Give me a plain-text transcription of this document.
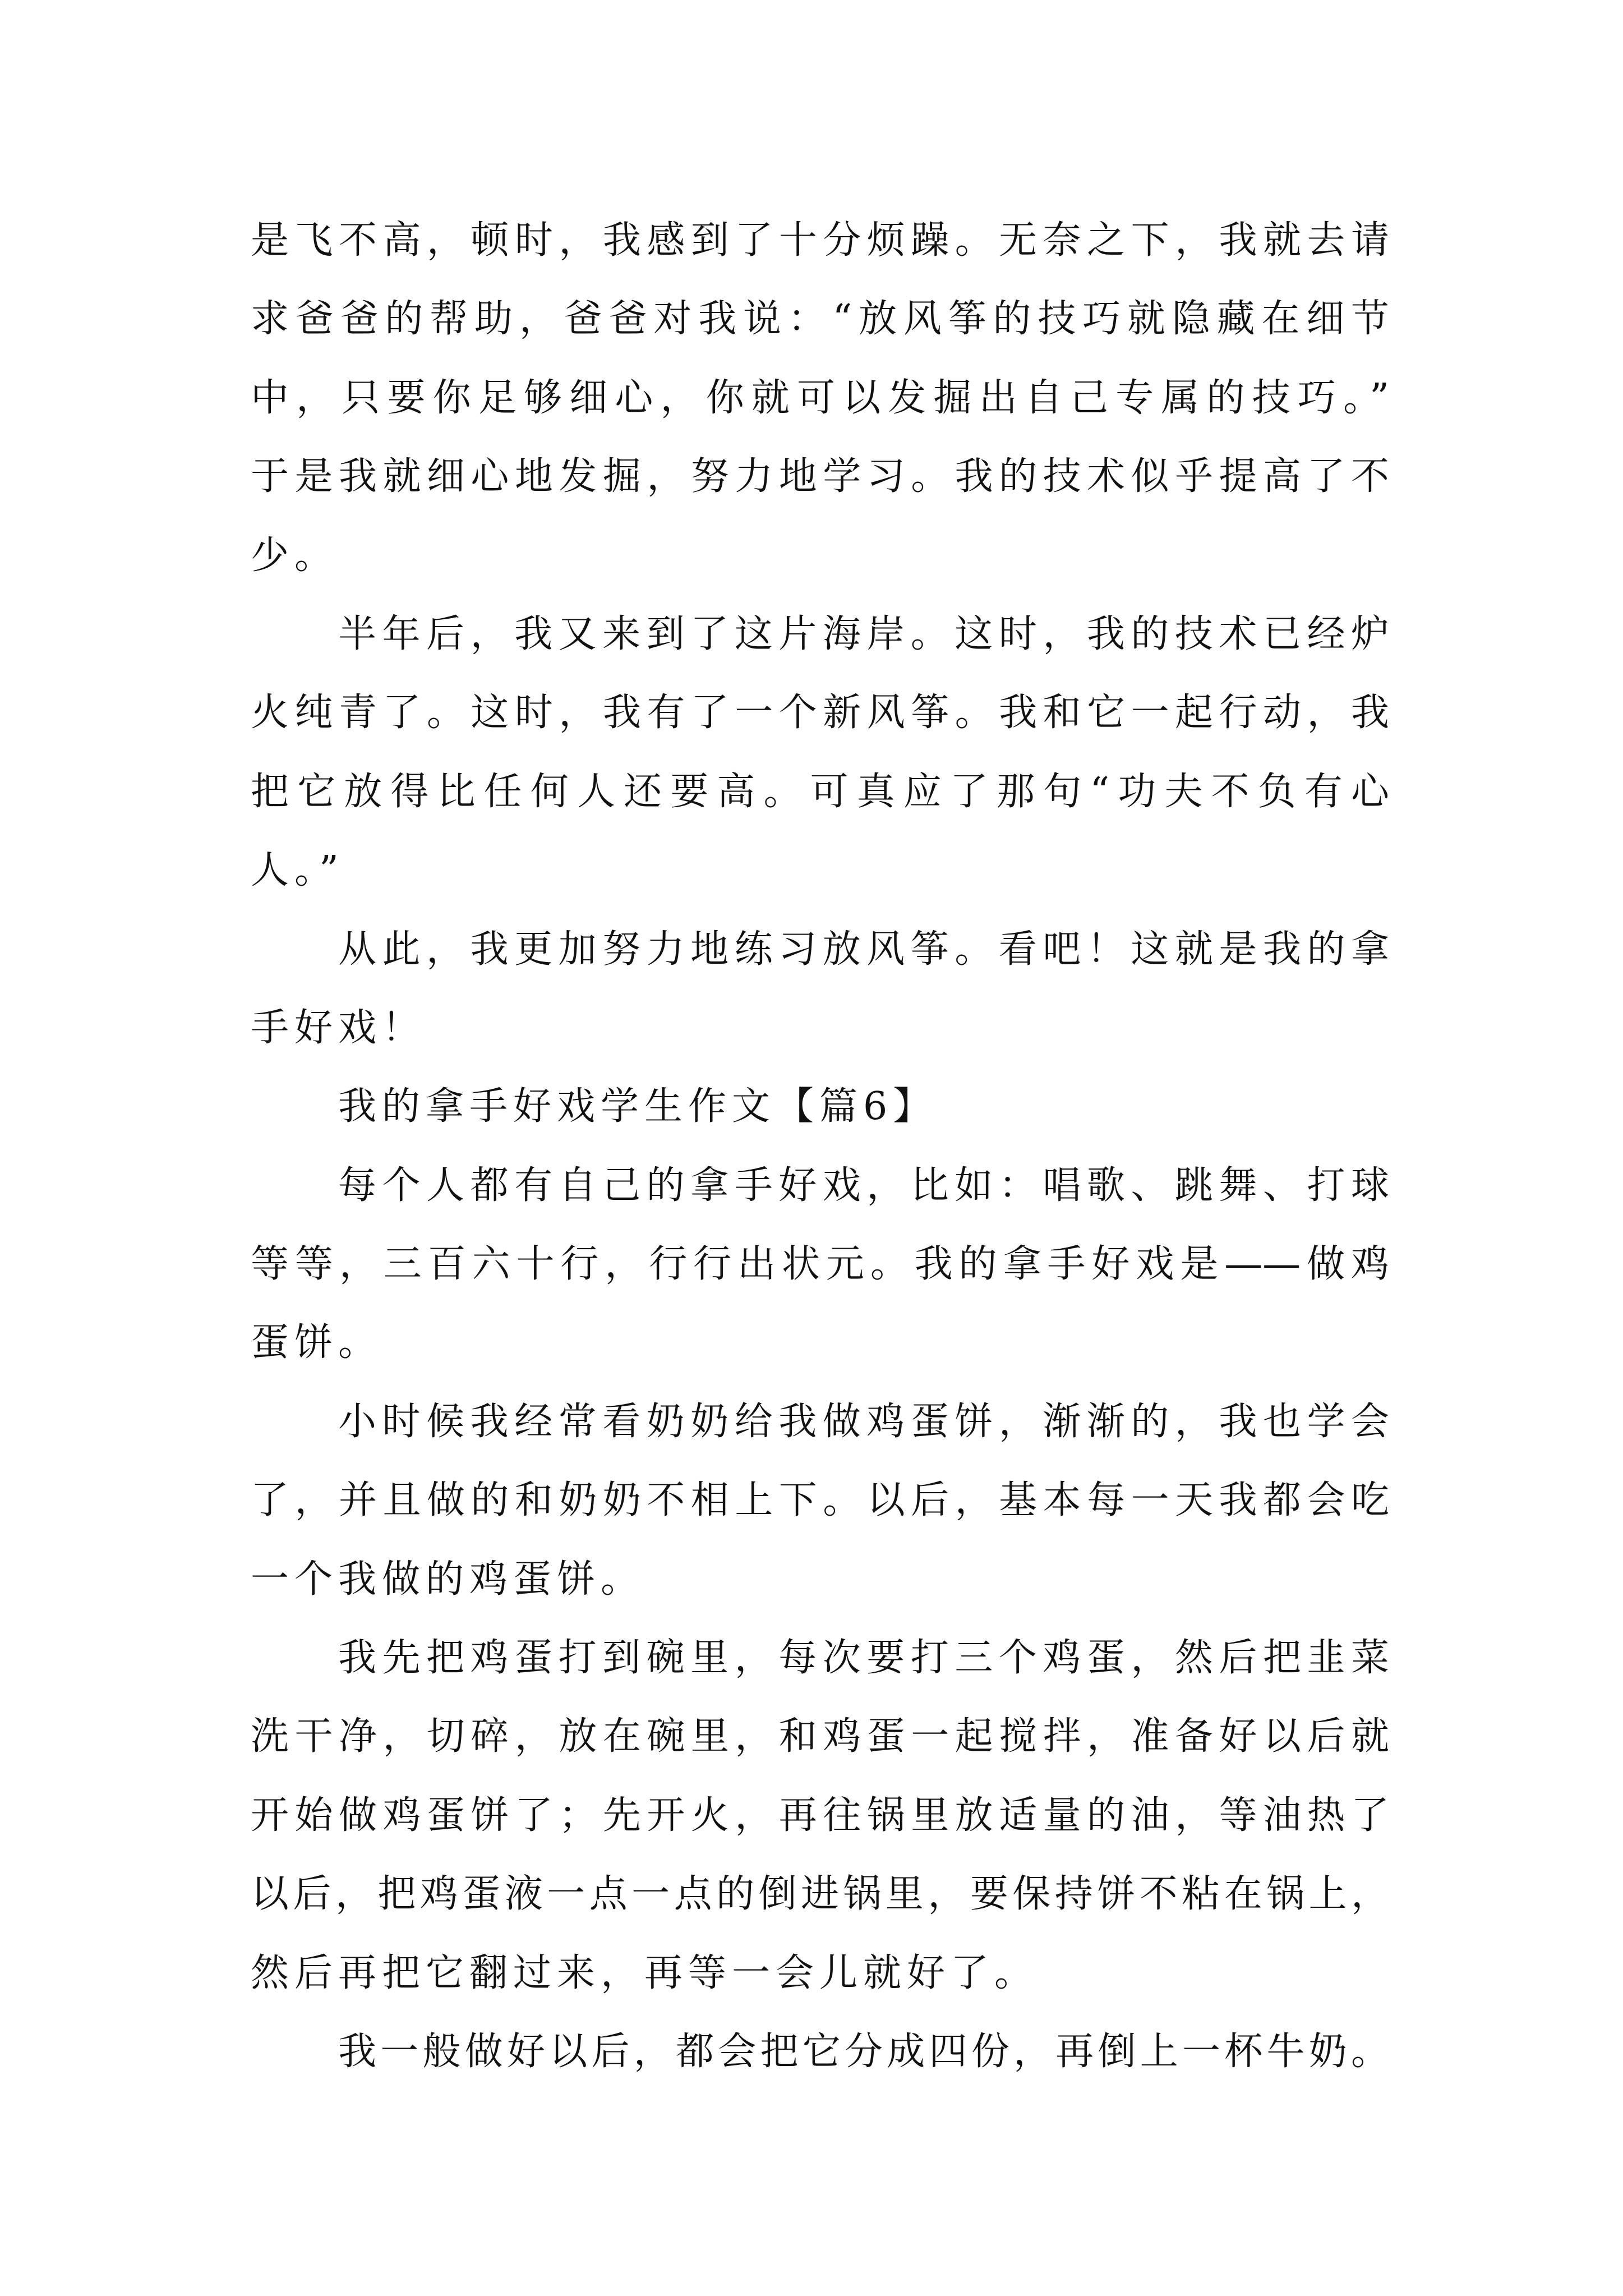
是飞不高，顿时，我感到了十分烦躁。无奈之下，我就去请
求爸爸的帮助，爸爸对我说：“放风筝的技巧就隐藏在细节
中，只要你足够细心，你就可以发掘出自己专属的技巧。”
于是我就细心地发掘，努力地学习。我的技术似乎提高了不
少。
半年后，我又来到了这片海岸。这时，我的技术已经炉
火纯青了。这时，我有了一个新风筝。我和它一起行动，我
把它放得比任何人还要高。可真应了那句“功夫不负有心
人。”
从此，我更加努力地练习放风筝。看吧！这就是我的拿
手好戏！
我的拿手好戏学生作文【篇6】
每个人都有自己的拿手好戏，比如：唱歌、跳舞、打球
等等，三百六十行，行行出状元。我的拿手好戏是——做鸡
蛋饼。
小时候我经常看奶奶给我做鸡蛋饼，渐渐的，我也学会
了，并且做的和奶奶不相上下。以后，基本每一天我都会吃
一个我做的鸡蛋饼。
我先把鸡蛋打到碗里，每次要打三个鸡蛋，然后把韭菜
洗干净，切碎，放在碗里，和鸡蛋一起搅拌，准备好以后就
开始做鸡蛋饼了；先开火，再往锅里放适量的油，等油热了
以后，把鸡蛋液一点一点的倒进锅里，要保持饼不粘在锅上，
然后再把它翻过来，再等一会儿就好了。
我一般做好以后，都会把它分成四份，再倒上一杯牛奶。
